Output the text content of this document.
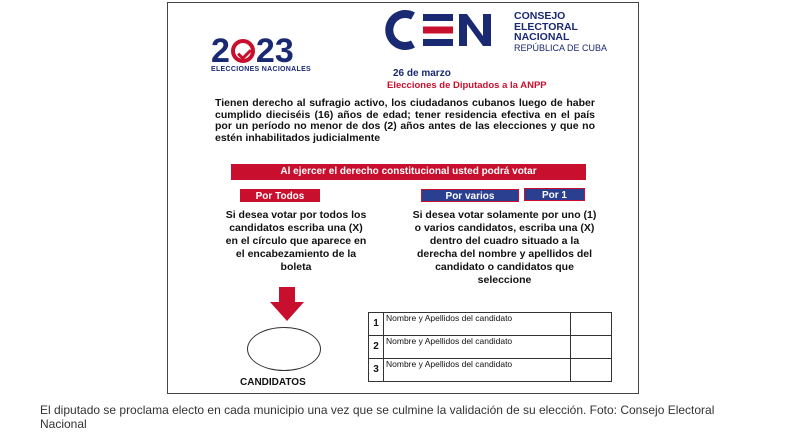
2 23
ELECCIONES NACIONALES
CONSEJO
ELECTORAL
NACIONAL
REPÚBLICA DE CUBA
26 de marzo
Elecciones de Diputados a la ANPP
Tienen derecho al sufragio activo, los ciudadanos cubanos luego de haber cumplido dieciséis (16) años de edad; tener residencia efectiva en el país por un período no menor de dos (2) años antes de las elecciones y que no estén inhabilitados judicialmente
Al ejercer el derecho constitucional usted podrá votar
Por Todos	Por varios	Por 1
Si desea votar por todos los candidatos escriba una (X) en el círculo que aparece en el encabezamiento de la boleta
Si desea votar solamente por uno (1) o varios candidatos, escriba una (X) dentro del cuadro situado a la derecha del nombre y apellidos del candidato o candidatos que seleccione
CANDIDATOS
1	Nombre y Apellidos del candidato	
2	Nombre y Apellidos del candidato	
3	Nombre y Apellidos del candidato	
El diputado se proclama electo en cada municipio una vez que se culmine la validación de su elección. Foto: Consejo Electoral Nacional
